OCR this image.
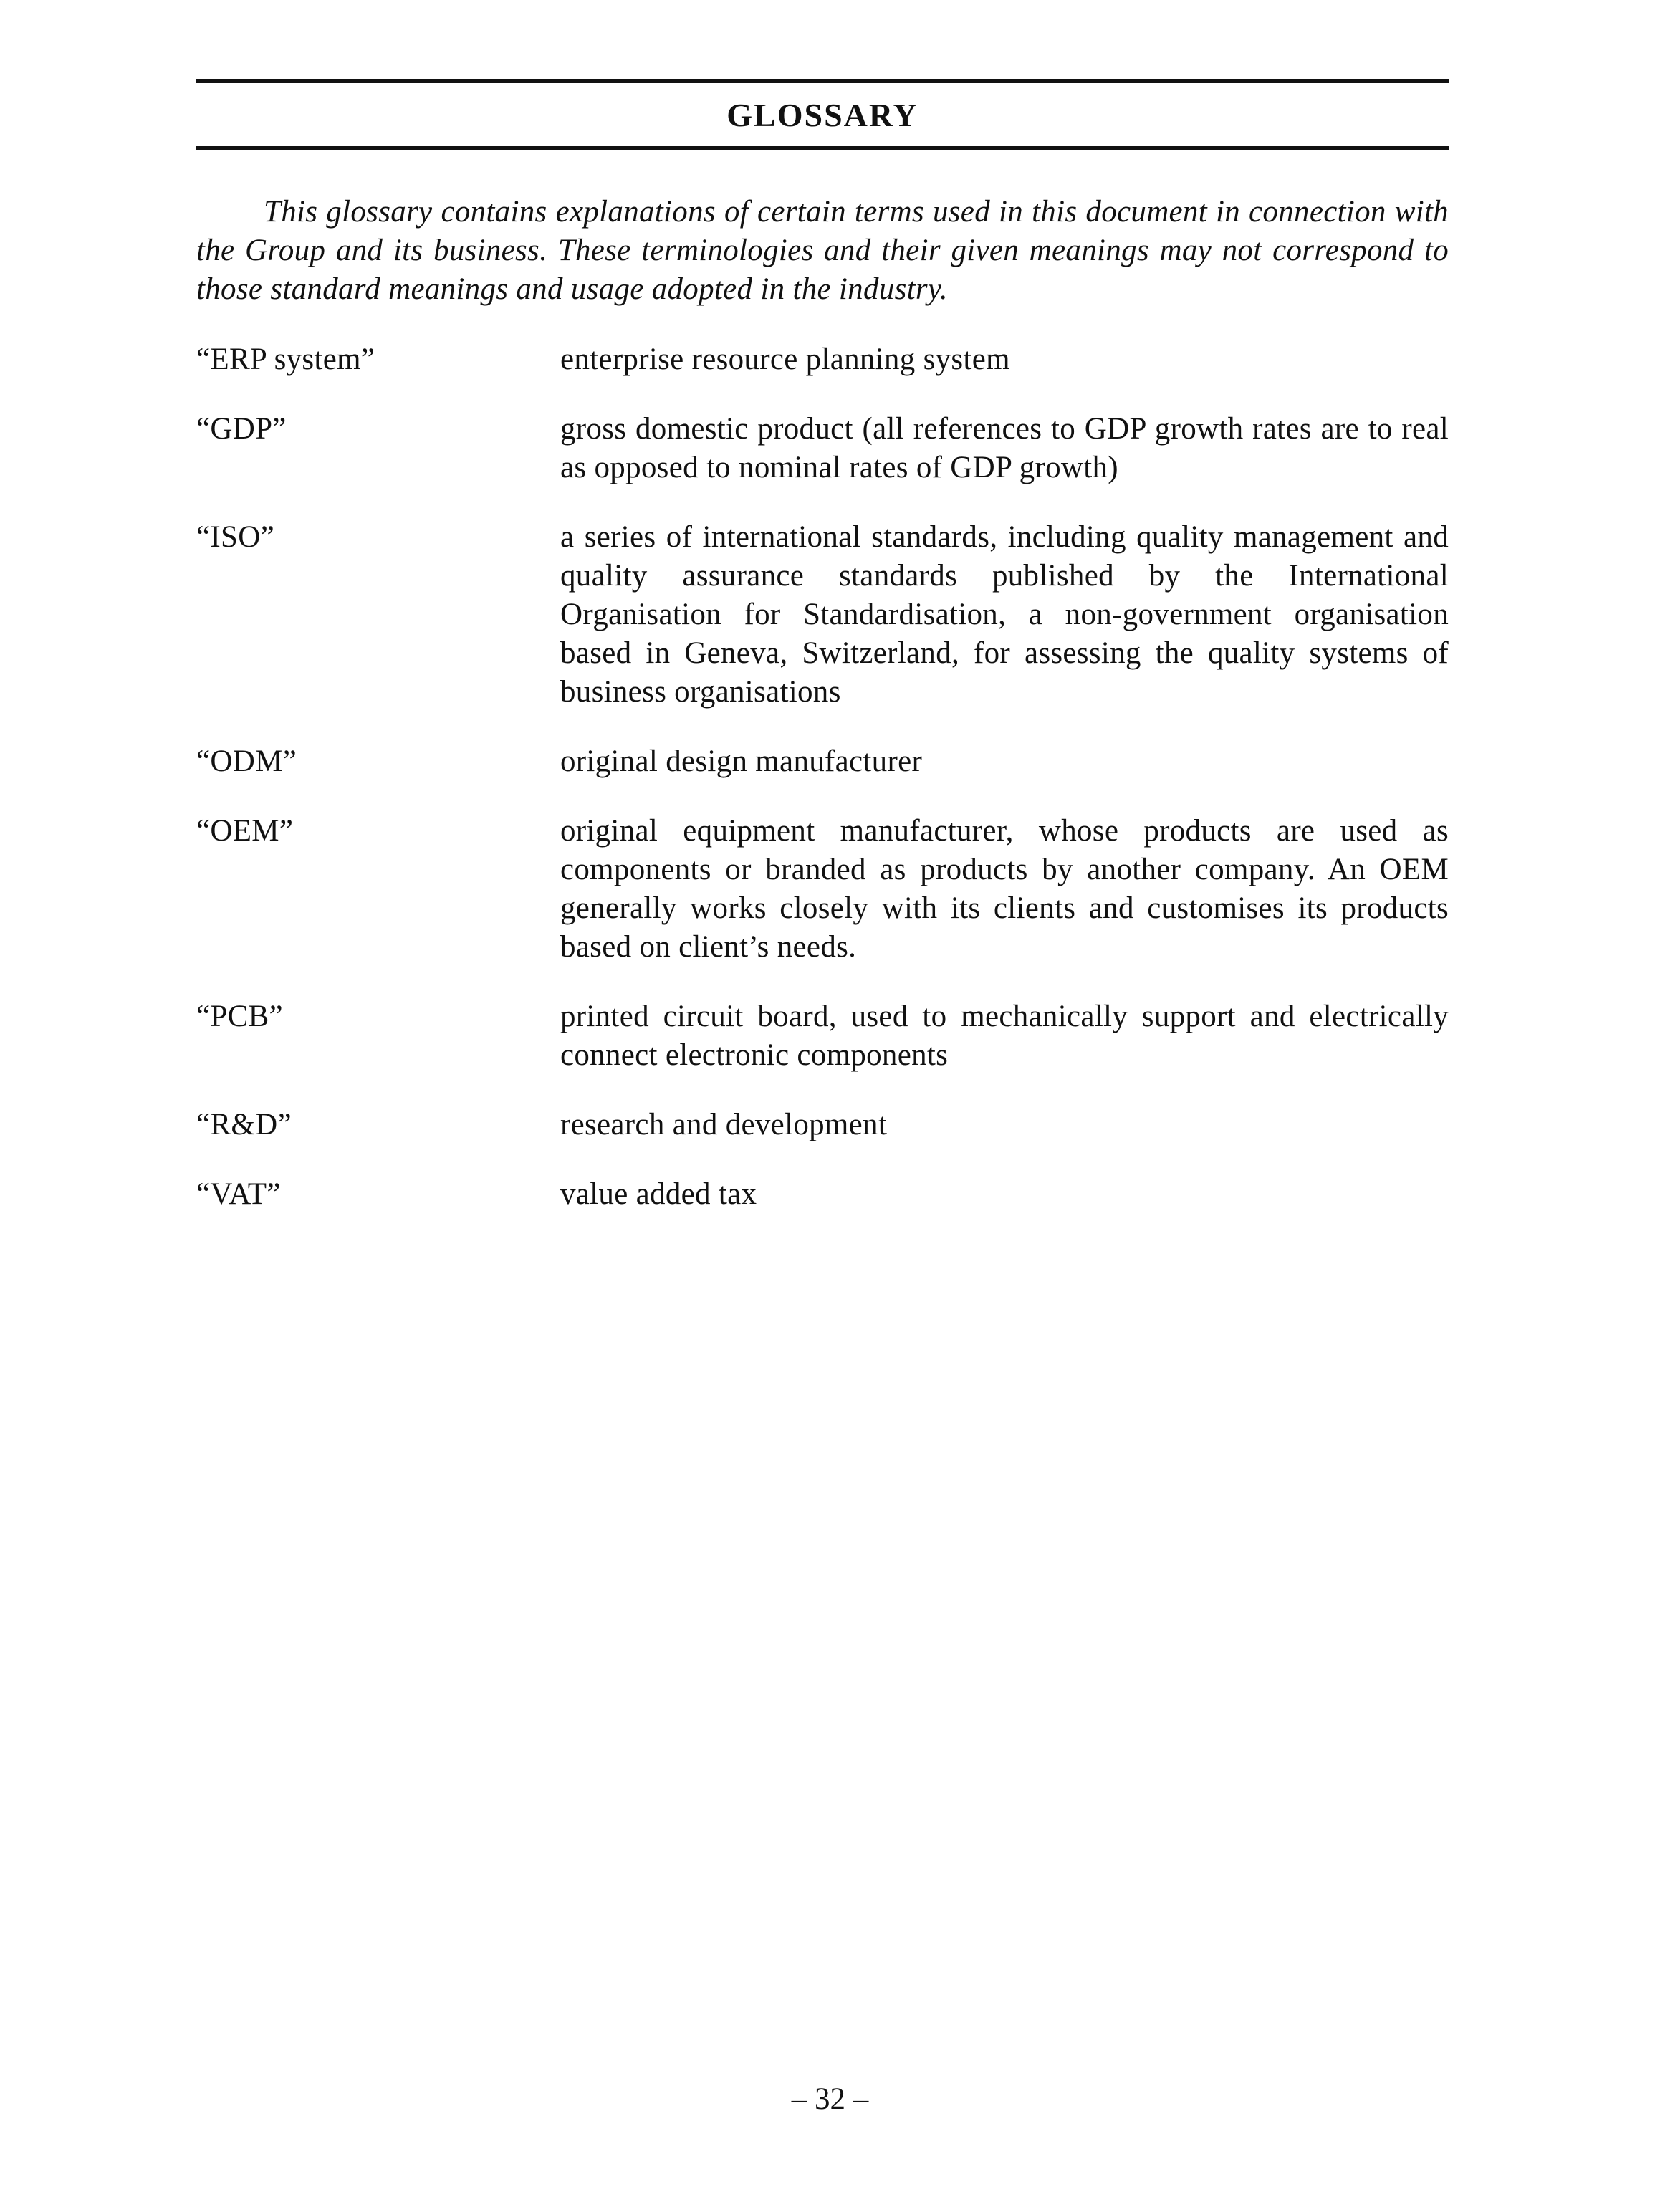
GLOSSARY

This glossary contains explanations of certain terms used in this document in connection with the Group and its business. These terminologies and their given meanings may not correspond to those standard meanings and usage adopted in the industry.

“ERP system”	enterprise resource planning system
“GDP”	gross domestic product (all references to GDP growth rates are to real as opposed to nominal rates of GDP growth)
“ISO”	a series of international standards, including quality management and quality assurance standards published by the International Organisation for Standardisation, a non-government organisation based in Geneva, Switzerland, for assessing the quality systems of business organisations
“ODM”	original design manufacturer
“OEM”	original equipment manufacturer, whose products are used as components or branded as products by another company. An OEM generally works closely with its clients and customises its products based on client’s needs.
“PCB”	printed circuit board, used to mechanically support and electrically connect electronic components
“R&D”	research and development
“VAT”	value added tax
– 32 –
